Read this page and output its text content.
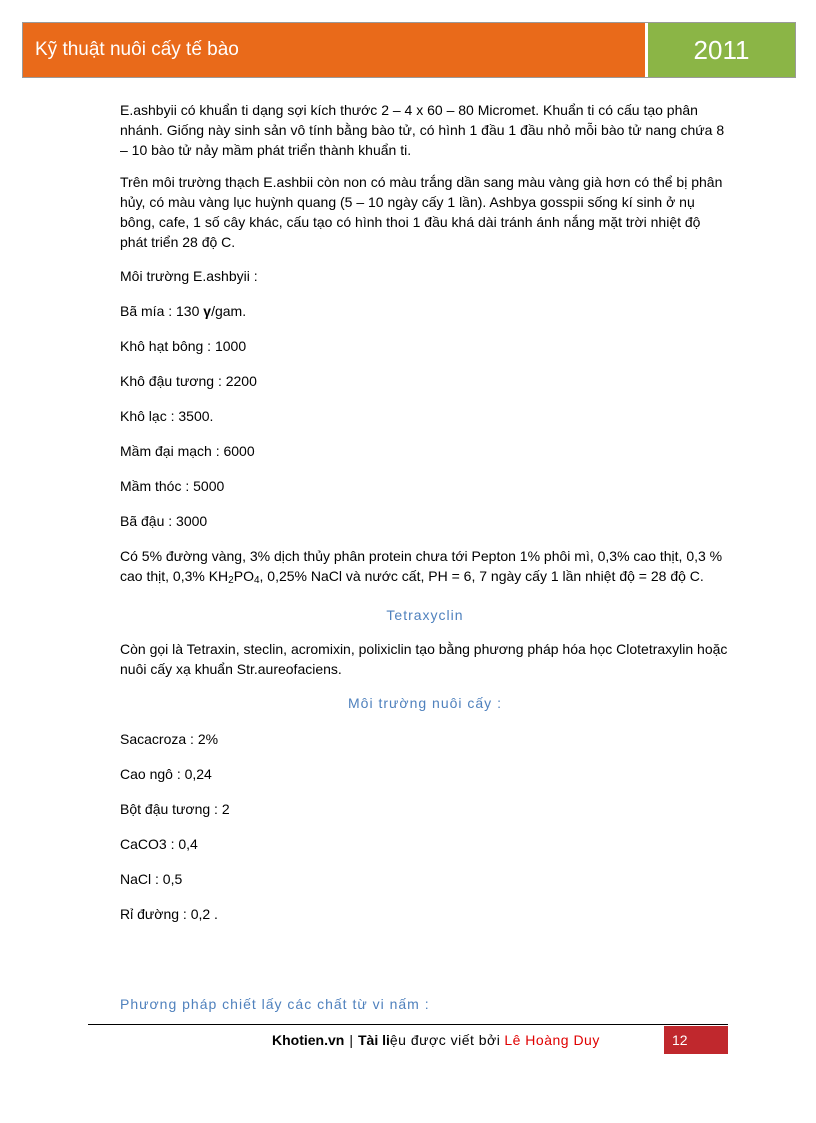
Kỹ thuật nuôi cấy tế bào	2011

E.ashbyii có khuẩn ti dạng sợi kích thước 2 – 4 x 60 – 80 Micromet. Khuẩn ti có cấu tạo phân nhánh. Giống này sinh sản vô tính bằng bào tử, có hình 1 đầu 1 đầu nhỏ mỗi bào tử nang chứa 8 – 10 bào tử nảy mầm phát triển thành khuẩn ti.

Trên môi trường thạch E.ashbii còn non có màu trắng dần sang màu vàng già hơn có thể bị phân hủy, có màu vàng lục huỳnh quang (5 – 10 ngày cấy 1 lần). Ashbya gosspii sống kí sinh ở nụ bông, cafe, 1 số cây khác, cấu tạo có hình thoi 1 đầu khá dài tránh ánh nắng mặt trời nhiệt độ phát triển 28 độ C.

Môi trường E.ashbyii :

Bã mía : 130 γ/gam.

Khô hạt bông : 1000

Khô đậu tương : 2200

Khô lạc : 3500.

Mầm đại mạch : 6000

Mầm thóc : 5000

Bã đậu : 3000

Có 5% đường vàng, 3% dịch thủy phân protein chưa tới Pepton 1% phôi mì, 0,3% cao thịt, 0,3 % cao thịt, 0,3% $KH_2PO_4$, 0,25% NaCl và nước cất, PH = 6, 7 ngày cấy 1 lần nhiệt độ = 28 độ C.

Tetraxyclin

Còn gọi là Tetraxin, steclin, acromixin, polixiclin tạo bằng phương pháp hóa học Clotetraxylin hoặc nuôi cấy xạ khuẩn Str.aureofaciens.

Môi trường nuôi cấy :

Sacacroza : 2%

Cao ngô : 0,24

Bột đậu tương : 2

CaCO3 : 0,4

NaCl : 0,5

Rỉ đường : 0,2 .

Phương pháp chiết lấy các chất từ vi nấm :
Khotien.vn | Tài li ệu được viết bởi Lê Hoàng Duy	12
